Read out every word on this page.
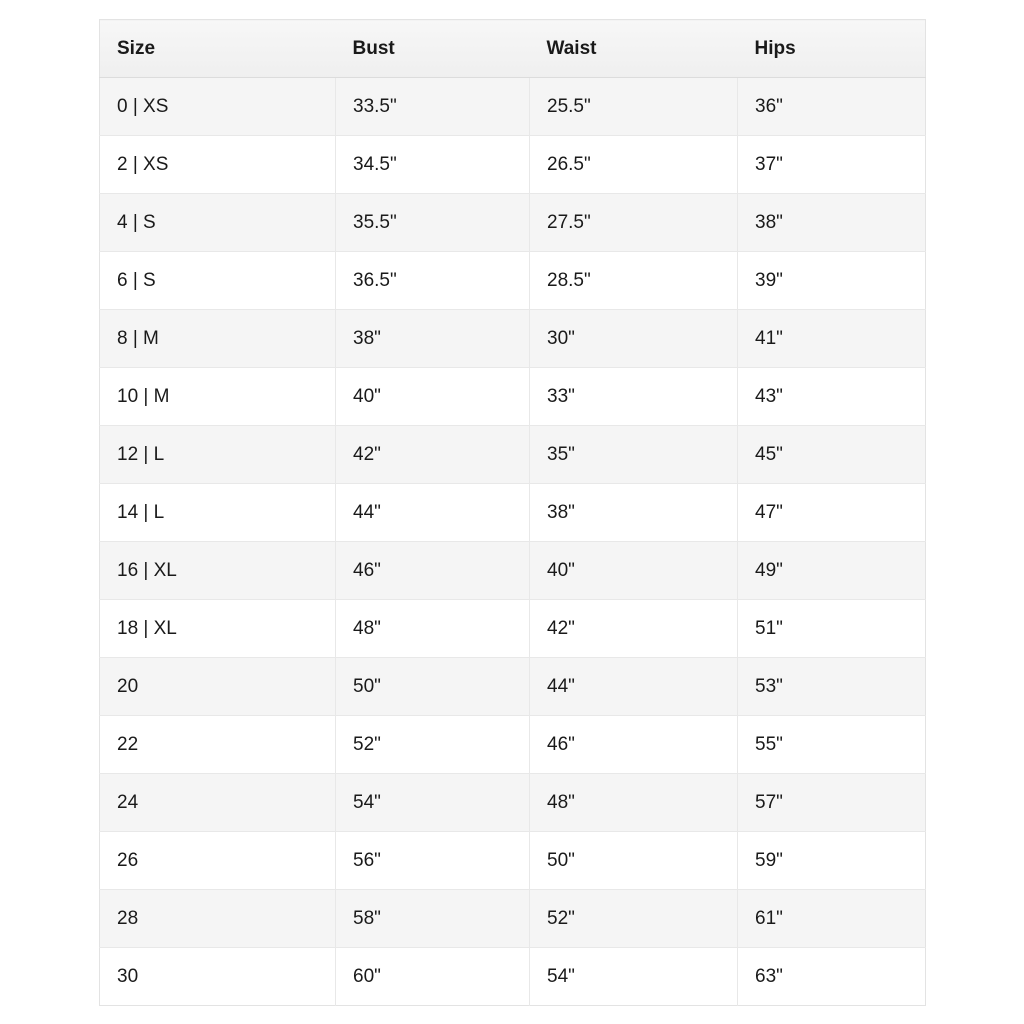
Size	Bust	Waist	Hips
0 | XS	33.5"	25.5"	36"
2 | XS	34.5"	26.5"	37"
4 | S	35.5"	27.5"	38"
6 | S	36.5"	28.5"	39"
8 | M	38"	30"	41"
10 | M	40"	33"	43"
12 | L	42"	35"	45"
14 | L	44"	38"	47"
16 | XL	46"	40"	49"
18 | XL	48"	42"	51"
20	50"	44"	53"
22	52"	46"	55"
24	54"	48"	57"
26	56"	50"	59"
28	58"	52"	61"
30	60"	54"	63"
